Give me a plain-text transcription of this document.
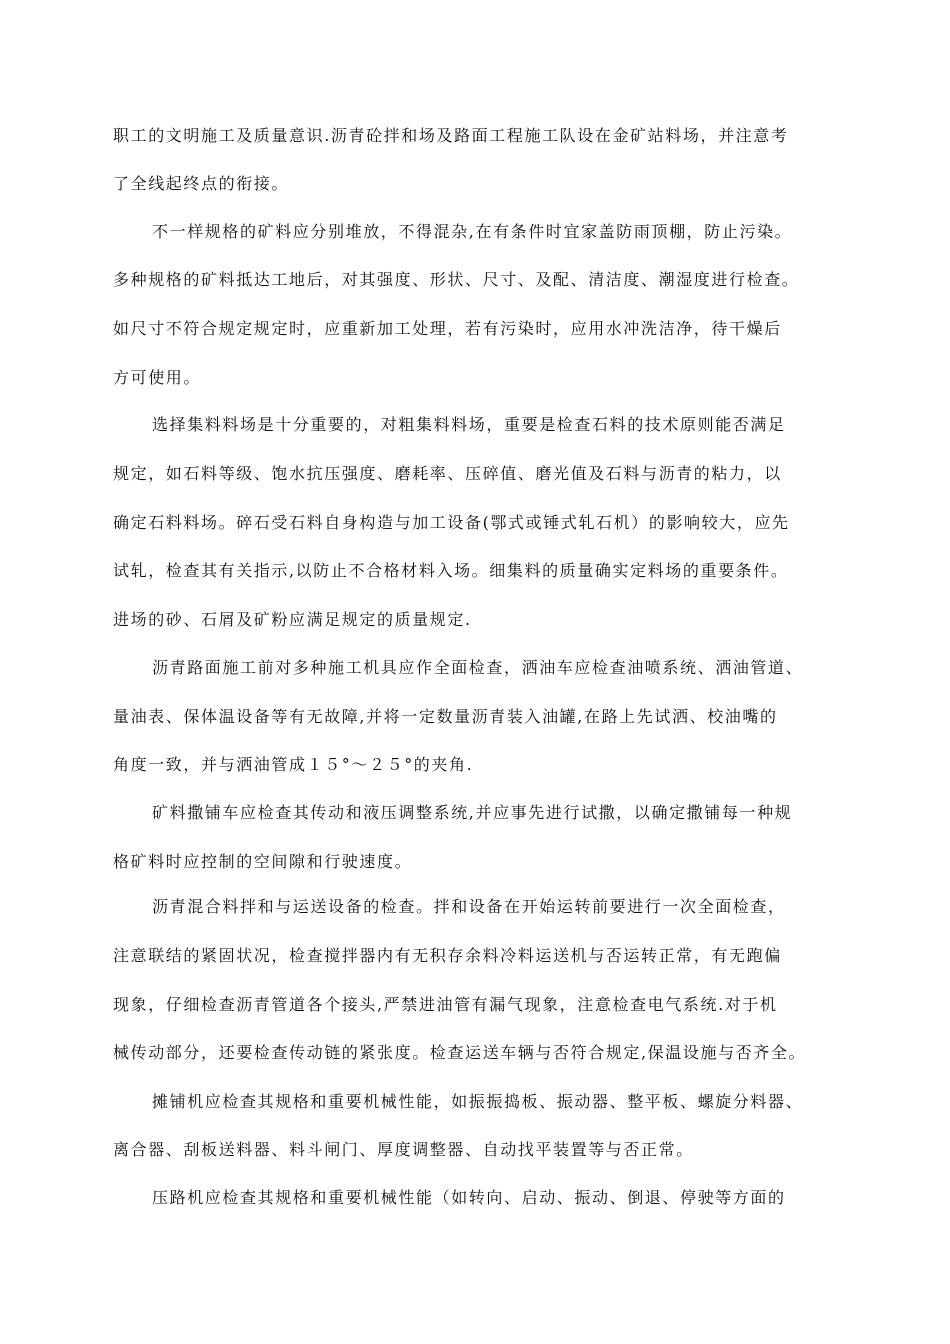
职工的文明施工及质量意识.沥青砼拌和场及路面工程施工队设在金矿站料场，并注意考
了全线起终点的衔接。
不一样规格的矿料应分别堆放，不得混杂,在有条件时宜家盖防雨顶棚，防止污染。
多种规格的矿料抵达工地后，对其强度、形状、尺寸、及配、清洁度、潮湿度进行检查。
如尺寸不符合规定规定时，应重新加工处理，若有污染时，应用水冲洗洁净，待干燥后
方可使用。
选择集料料场是十分重要的，对粗集料料场，重要是检查石料的技术原则能否满足
规定，如石料等级、饱水抗压强度、磨耗率、压碎值、磨光值及石料与沥青的粘力，以
确定石料料场。碎石受石料自身构造与加工设备(鄂式或锤式轧石机）的影响较大，应先
试轧，检查其有关指示,以防止不合格材料入场。细集料的质量确实定料场的重要条件。
进场的砂、石屑及矿粉应满足规定的质量规定.
沥青路面施工前对多种施工机具应作全面检查，洒油车应检查油喷系统、洒油管道、
量油表、保体温设备等有无故障,并将一定数量沥青装入油罐,在路上先试洒、校油嘴的
角度一致，并与洒油管成１５°～２５°的夹角.
矿料撒铺车应检查其传动和液压调整系统,并应事先进行试撒，以确定撒铺每一种规
格矿料时应控制的空间隙和行驶速度。
沥青混合料拌和与运送设备的检查。拌和设备在开始运转前要进行一次全面检查，
注意联结的紧固状况，检查搅拌器内有无积存余料冷料运送机与否运转正常，有无跑偏
现象，仔细检查沥青管道各个接头,严禁进油管有漏气现象，注意检查电气系统.对于机
械传动部分，还要检查传动链的紧张度。检查运送车辆与否符合规定,保温设施与否齐全。
摊铺机应检查其规格和重要机械性能，如振振捣板、振动器、整平板、螺旋分料器、
离合器、刮板送料器、料斗闸门、厚度调整器、自动找平装置等与否正常。
压路机应检查其规格和重要机械性能（如转向、启动、振动、倒退、停驶等方面的
